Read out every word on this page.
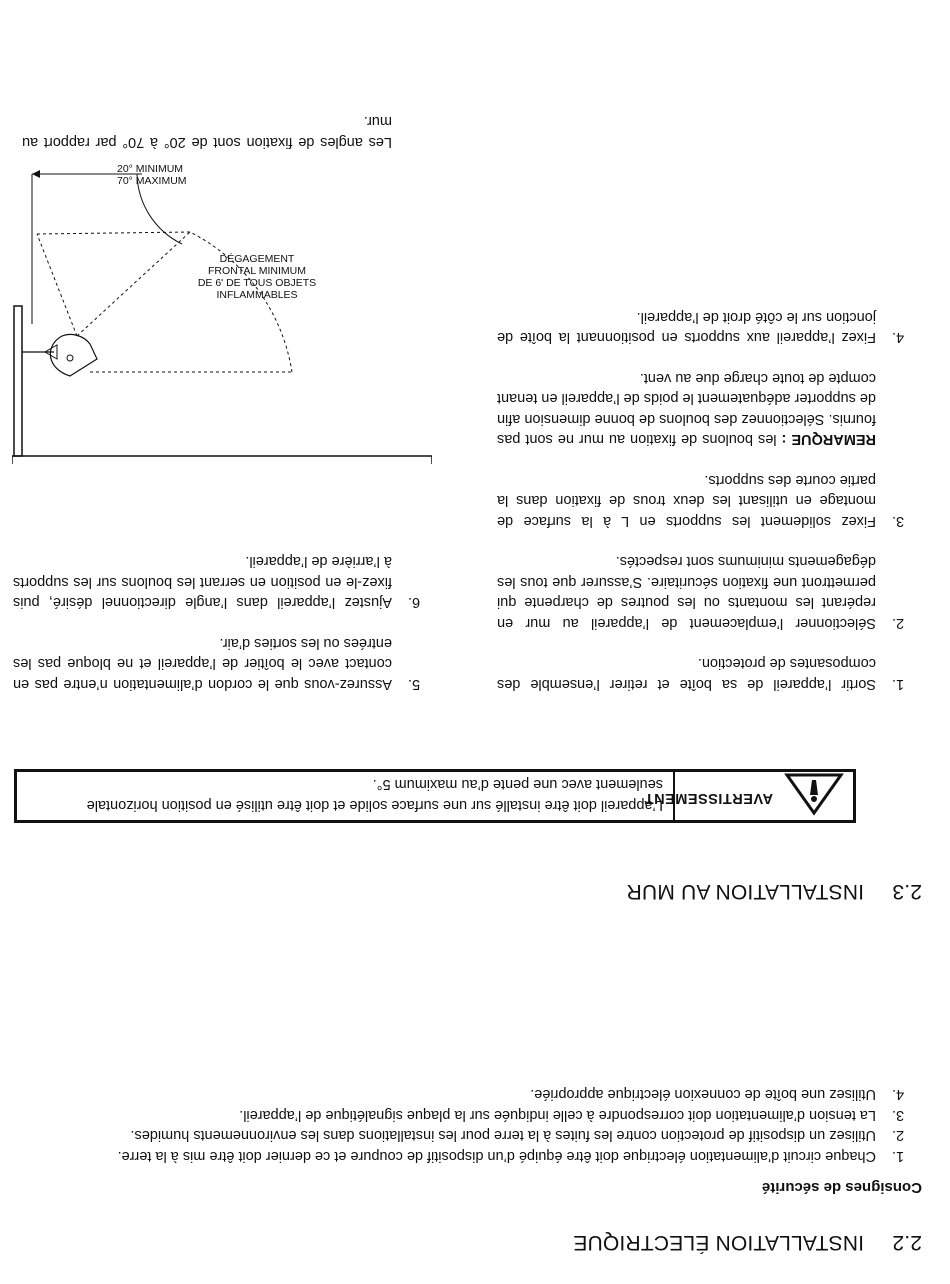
2.2INSTALLATION ÉLECTRIQUE
Consignes de sécurité
1.
Chaque circuit d’alimentation électrique doit être équipé d’un dispositif de coupure et ce dernier doit être mis à la terre.
2.
Utilisez un dispositif de protection contre les fuites à la terre pour les installations dans les environnements humides.
3.
La tension d’alimentation doit correspondre à celle indiquée sur la plaque signalétique de l’appareil.
4.
Utilisez une boîte de connexion électrique appropriée.
2.3INSTALLATION AU MUR
AVERTISSEMENT
L’appareil doit être installé sur une surface solide et doit être utilisé en position horizontale seulement avec une pente d’au maximum 5°.
1.
Sortir l’appareil de sa boîte et retirer l’ensemble des composantes de protection.
2.
Sélectionner l’emplacement de l’appareil au mur en repérant les montants ou les poutres de charpente qui permettront une fixation sécuritaire. S’assurer que tous les dégagements minimums sont respectés.
3.
Fixez solidement les supports en L à la surface de montage en utilisant les deux trous de fixation dans la partie courte des supports.
REMARQUE : les boulons de fixation au mur ne sont pas fournis. Sélectionnez des boulons de bonne dimension afin de supporter adéquatement le poids de l’appareil en tenant compte de toute charge due au vent.
4.
Fixez l’appareil aux supports en positionnant la boîte de jonction sur le côté droit de l’appareil.
5.
Assurez-vous que le cordon d’alimentation n’entre pas en contact avec le boîtier de l’appareil et ne bloque pas les entrées ou les sorties d’air.
6.
Ajustez l’appareil dans l’angle directionnel désiré, puis fixez-le en position en serrant les boulons sur les supports à l’arrière de l’appareil.
DÉGAGEMENT
FRONTAL MINIMUM
DE 6' DE TOUS OBJETS
INFLAMMABLES
20° MINIMUM
70° MAXIMUM
Les angles de fixation sont de 20° à 70° par rapport au mur.
